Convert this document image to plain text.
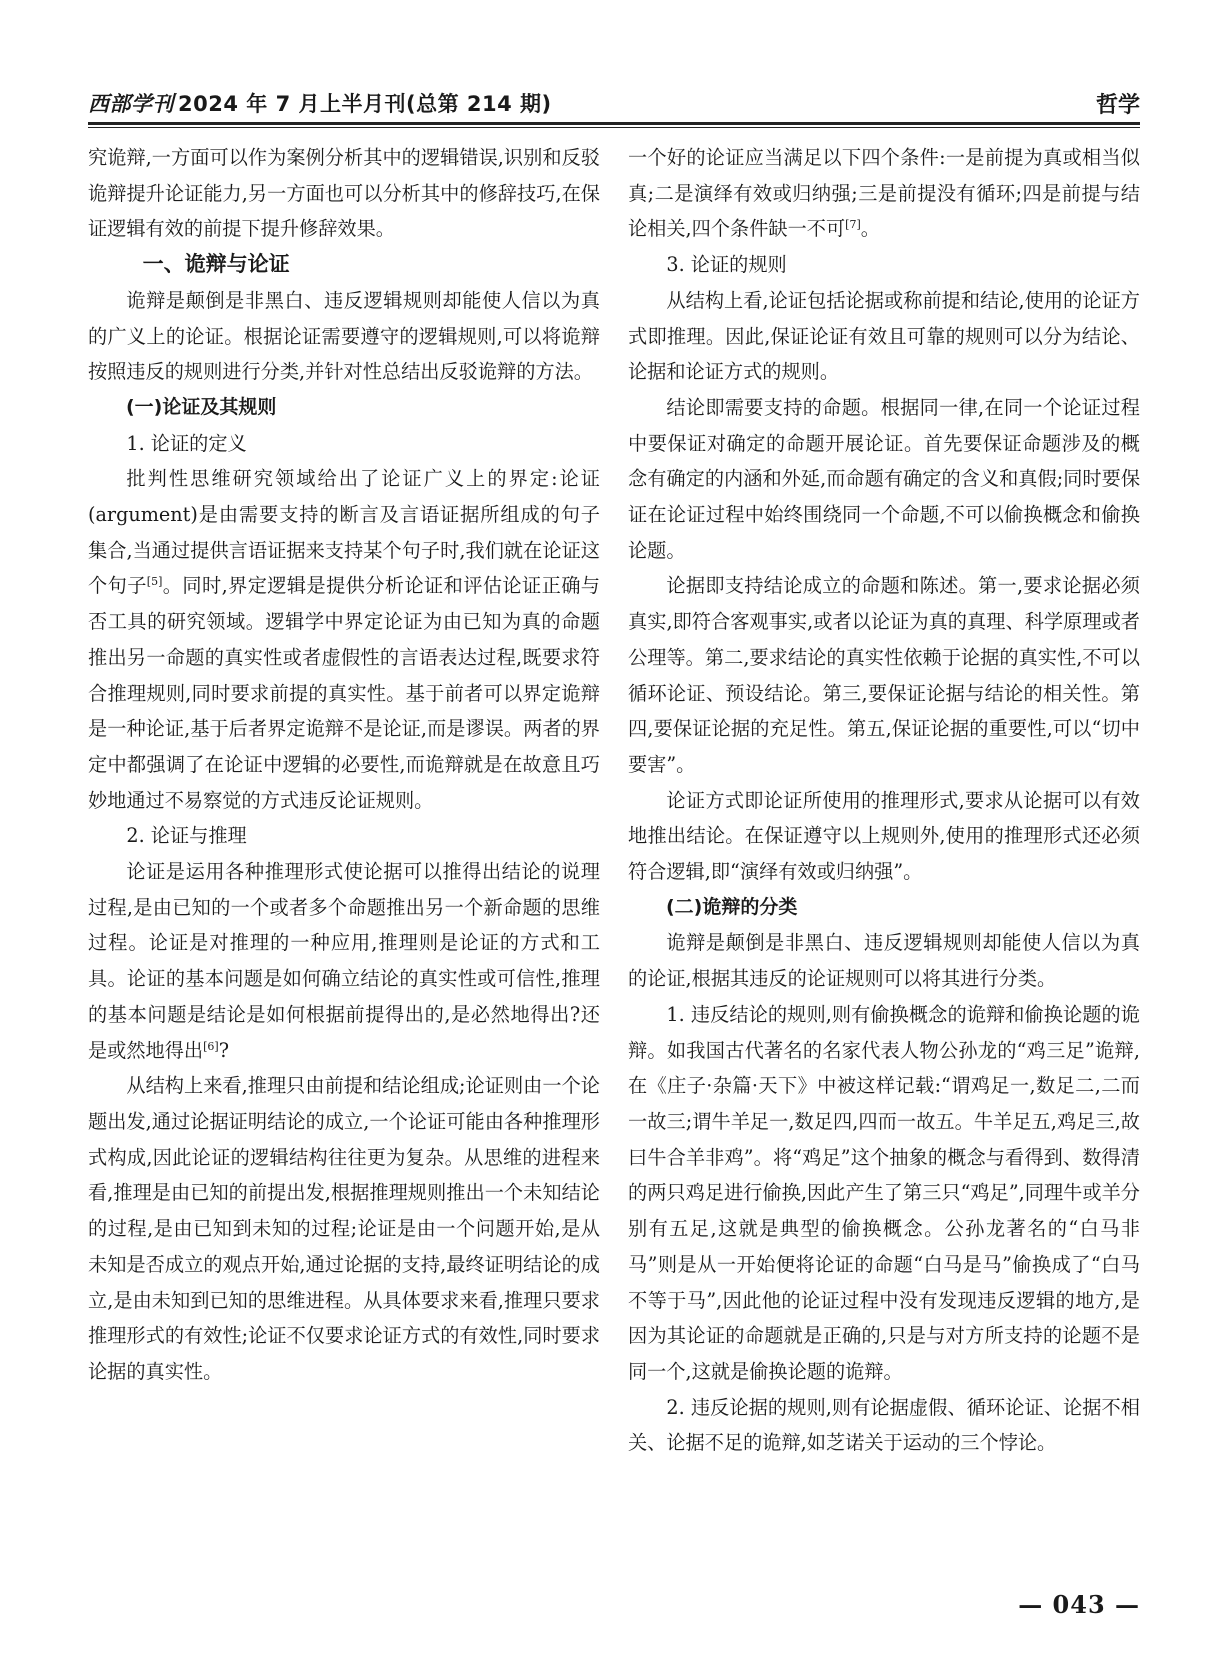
西部学刊 2024 年 7 月上半月刊(总第 214 期)	哲学

究诡辩,一方面可以作为案例分析其中的逻辑错误,识别和反驳诡辩提升论证能力,另一方面也可以分析其中的修辞技巧,在保证逻辑有效的前提下提升修辞效果。

一、诡辩与论证

诡辩是颠倒是非黑白、违反逻辑规则却能使人信以为真的广义上的论证。根据论证需要遵守的逻辑规则,可以将诡辩按照违反的规则进行分类,并针对性总结出反驳诡辩的方法。

(一)论证及其规则
1. 论证的定义

批判性思维研究领域给出了论证广义上的界定:论证(argument)是由需要支持的断言及言语证据所组成的句子集合,当通过提供言语证据来支持某个句子时,我们就在论证这个句子[5]。同时,界定逻辑是提供分析论证和评估论证正确与否工具的研究领域。逻辑学中界定论证为由已知为真的命题推出另一命题的真实性或者虚假性的言语表达过程,既要求符合推理规则,同时要求前提的真实性。基于前者可以界定诡辩是一种论证,基于后者界定诡辩不是论证,而是谬误。两者的界定中都强调了在论证中逻辑的必要性,而诡辩就是在故意且巧妙地通过不易察觉的方式违反论证规则。

2. 论证与推理

论证是运用各种推理形式使论据可以推得出结论的说理过程,是由已知的一个或者多个命题推出另一个新命题的思维过程。论证是对推理的一种应用,推理则是论证的方式和工具。论证的基本问题是如何确立结论的真实性或可信性,推理的基本问题是结论是如何根据前提得出的,是必然地得出?还是或然地得出[6]?

从结构上来看,推理只由前提和结论组成;论证则由一个论题出发,通过论据证明结论的成立,一个论证可能由各种推理形式构成,因此论证的逻辑结构往往更为复杂。从思维的进程来看,推理是由已知的前提出发,根据推理规则推出一个未知结论的过程,是由已知到未知的过程;论证是由一个问题开始,是从未知是否成立的观点开始,通过论据的支持,最终证明结论的成立,是由未知到已知的思维进程。从具体要求来看,推理只要求推理形式的有效性;论证不仅要求论证方式的有效性,同时要求论据的真实性。

一个好的论证应当满足以下四个条件:一是前提为真或相当似真;二是演绎有效或归纳强;三是前提没有循环;四是前提与结论相关,四个条件缺一不可[7]。

3. 论证的规则

从结构上看,论证包括论据或称前提和结论,使用的论证方式即推理。因此,保证论证有效且可靠的规则可以分为结论、论据和论证方式的规则。

结论即需要支持的命题。根据同一律,在同一个论证过程中要保证对确定的命题开展论证。首先要保证命题涉及的概念有确定的内涵和外延,而命题有确定的含义和真假;同时要保证在论证过程中始终围绕同一个命题,不可以偷换概念和偷换论题。

论据即支持结论成立的命题和陈述。第一,要求论据必须真实,即符合客观事实,或者以论证为真的真理、科学原理或者公理等。第二,要求结论的真实性依赖于论据的真实性,不可以循环论证、预设结论。第三,要保证论据与结论的相关性。第四,要保证论据的充足性。第五,保证论据的重要性,可以“切中要害”。

论证方式即论证所使用的推理形式,要求从论据可以有效地推出结论。在保证遵守以上规则外,使用的推理形式还必须符合逻辑,即“演绎有效或归纳强”。

(二)诡辩的分类

诡辩是颠倒是非黑白、违反逻辑规则却能使人信以为真的论证,根据其违反的论证规则可以将其进行分类。

1. 违反结论的规则,则有偷换概念的诡辩和偷换论题的诡辩。如我国古代著名的名家代表人物公孙龙的“鸡三足”诡辩,在《庄子·杂篇·天下》中被这样记载:“谓鸡足一,数足二,二而一故三;谓牛羊足一,数足四,四而一故五。牛羊足五,鸡足三,故曰牛合羊非鸡”。将“鸡足”这个抽象的概念与看得到、数得清的两只鸡足进行偷换,因此产生了第三只“鸡足”,同理牛或羊分别有五足,这就是典型的偷换概念。公孙龙著名的“白马非马”则是从一开始便将论证的命题“白马是马”偷换成了“白马不等于马”,因此他的论证过程中没有发现违反逻辑的地方,是因为其论证的命题就是正确的,只是与对方所支持的论题不是同一个,这就是偷换论题的诡辩。

2. 违反论据的规则,则有论据虚假、循环论证、论据不相关、论据不足的诡辩,如芝诺关于运动的三个悖论。

— 043 —
